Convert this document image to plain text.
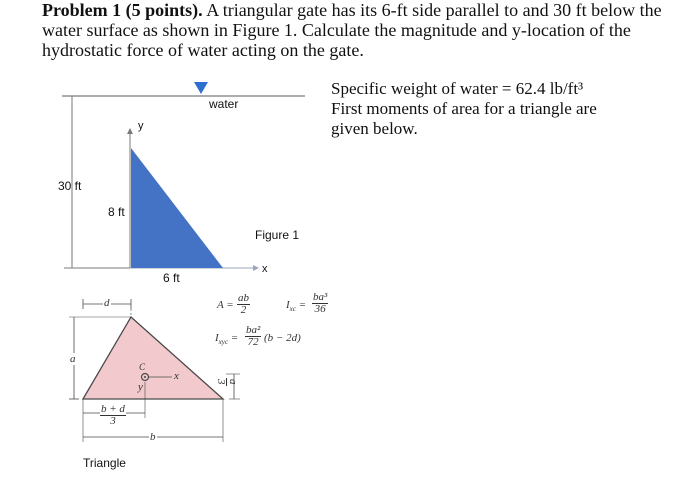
Problem 1 (5 points). A triangular gate has its 6-ft side parallel to and 30 ft below the water surface as shown in Figure 1. Calculate the magnitude and y-location of the hydrostatic force of water acting on the gate.
Specific weight of water = 62.4 lb/ft³
First moments of area for a triangle are
given below.
water
y
30 ft
8 ft
Figure 1
x
6 ft
d
a
b
C
x
y
$\frac{b + d}{3}$
a
3
Triangle
$A = \frac{ab}{2}$	$I_{xc} = \frac{\text{ba³}}{36}$
$I_{xyc} = \frac{\text{ba²}}{72} (b - 2d)$
